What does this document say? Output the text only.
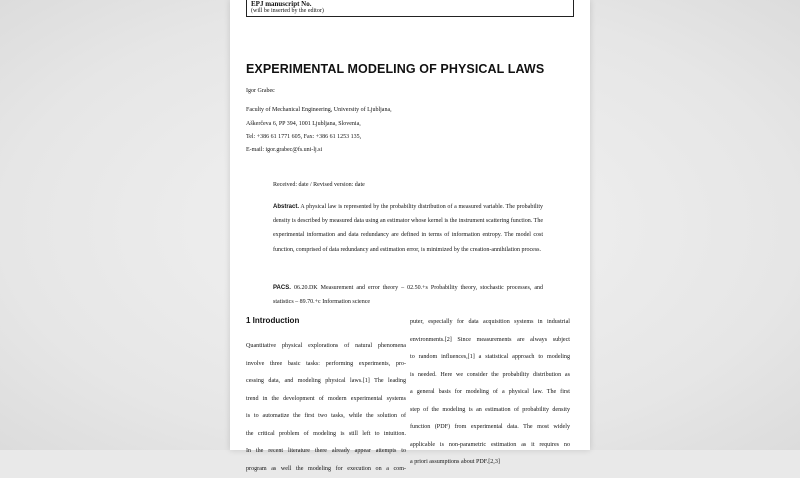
EPJ manuscript No.
(will be inserted by the editor)
EXPERIMENTAL MODELING OF PHYSICAL LAWS
Igor Grabec
Faculty of Mechanical Engineering, University of Ljubljana,
Aškerčeva 6, PP 394, 1001 Ljubljana, Slovenia,
Tel: +386 61 1771 605, Fax: +386 61 1253 135,
E-mail: igor.grabec@fs.uni-lj.si
Received: date / Revised version: date
Abstract. A physical law is represented by the probability distribution of a measured variable. The probability density is described by measured data using an estimator whose kernel is the instrument scattering function. The experimental information and data redundancy are defined in terms of information entropy. The model cost function, comprised of data redundancy and estimation error, is minimized by the creation-annihilation process.
PACS. 06.20.DK Measurement and error theory – 02.50.+s Probability theory, stochastic processes, and statistics – 89.70.+c Information science
1 Introduction
Quantitative physical explorations of natural phenomena
involve three basic tasks: performing experiments, pro-
cessing data, and modeling physical laws.[1] The leading
trend in the development of modern experimental systems
is to automatize the first two tasks, while the solution of
the critical problem of modeling is still left to intuition.
In the recent literature there already appear attempts to
program as well the modeling for execution on a com-
puter, especially for data acquisition systems in industrial
environments.[2] Since measurements are always subject
to random influences,[1] a statistical approach to modeling
is needed. Here we consider the probability distribution as
a general basis for modeling of a physical law. The first
step of the modeling is an estimation of probability density
function (PDF) from experimental data. The most widely
applicable is non-parametric estimation as it requires no
a priori assumptions about PDF.[2,3]
